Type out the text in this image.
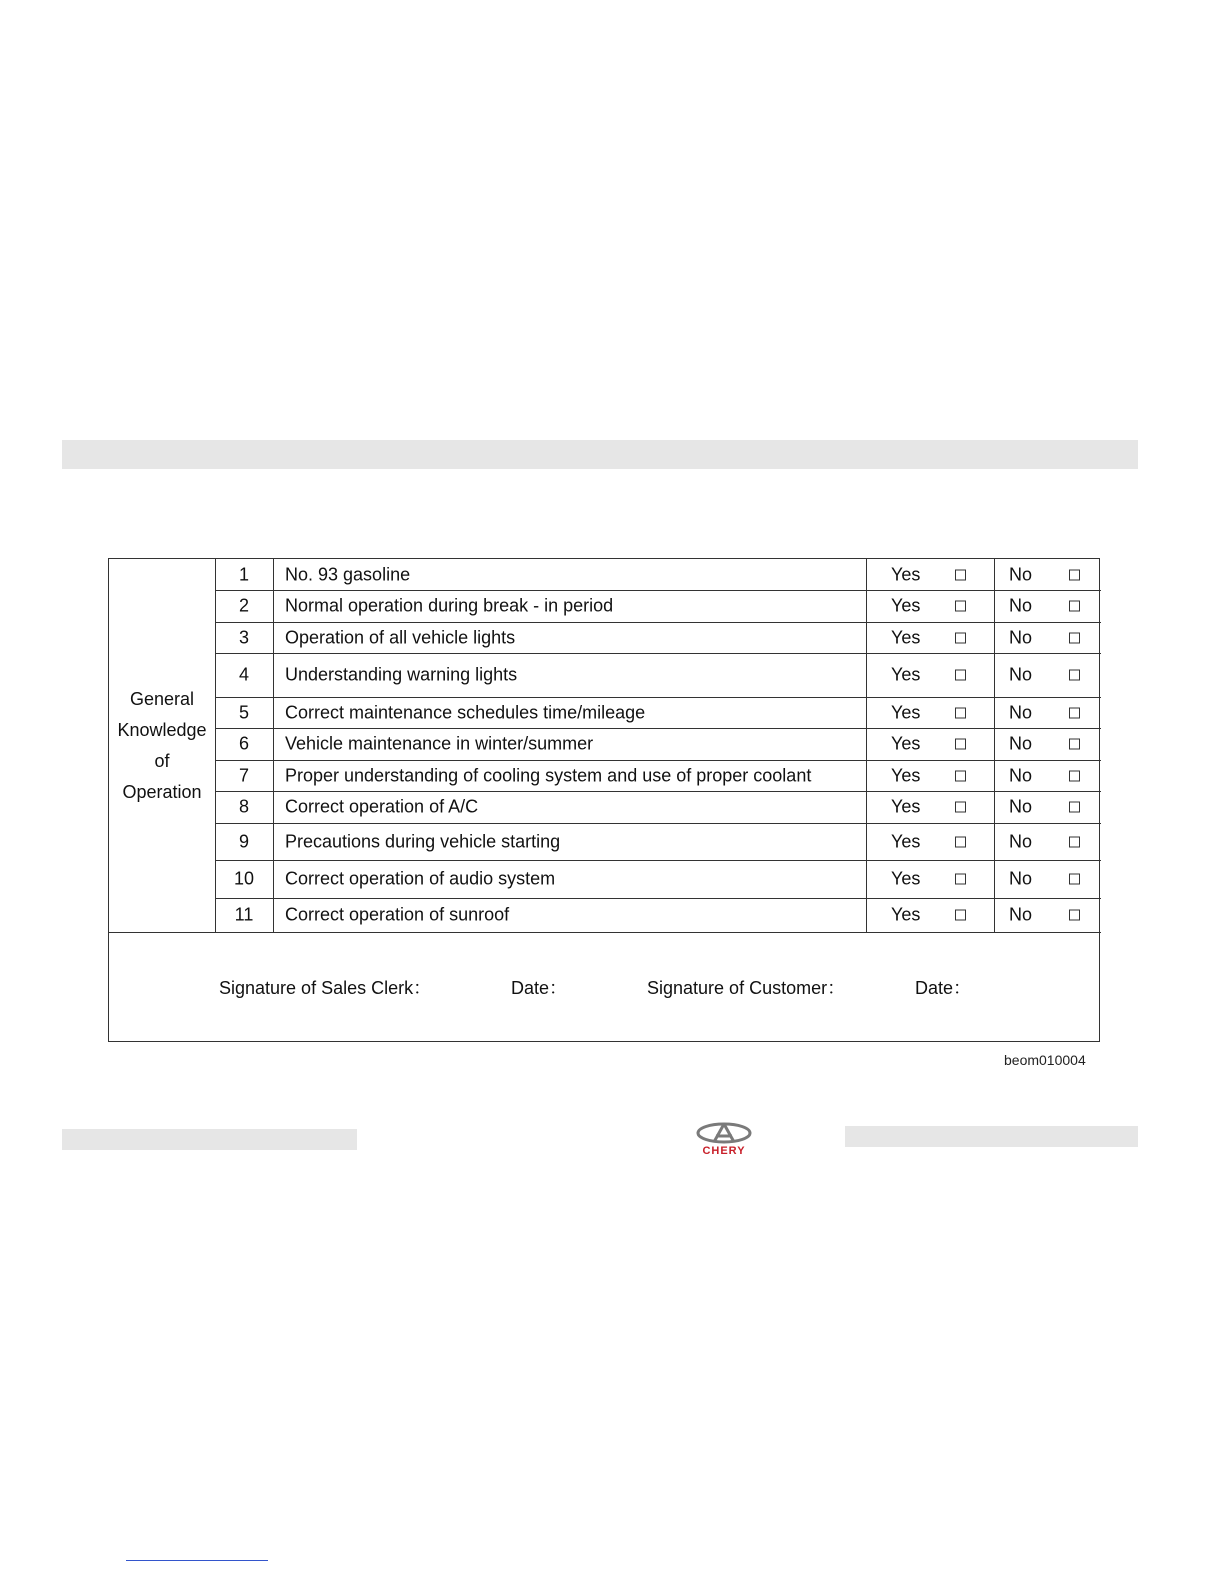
General
Knowledge
of
Operation
1	No. 93 gasoline	Yes	No
2	Normal operation during break - in period	Yes	No
3	Operation of all vehicle lights	Yes	No
4	Understanding warning lights	Yes	No
5	Correct maintenance schedules time/mileage	Yes	No
6	Vehicle maintenance in winter/summer	Yes	No
7	Proper understanding of cooling system and use of proper coolant	Yes	No
8	Correct operation of A/C	Yes	No
9	Precautions during vehicle starting	Yes	No
10	Correct operation of audio system	Yes	No
11	Correct operation of sunroof	Yes	No
Signature of Sales Clerk：	Date：	Signature of Customer：	Date：
beom010004
CHERY
